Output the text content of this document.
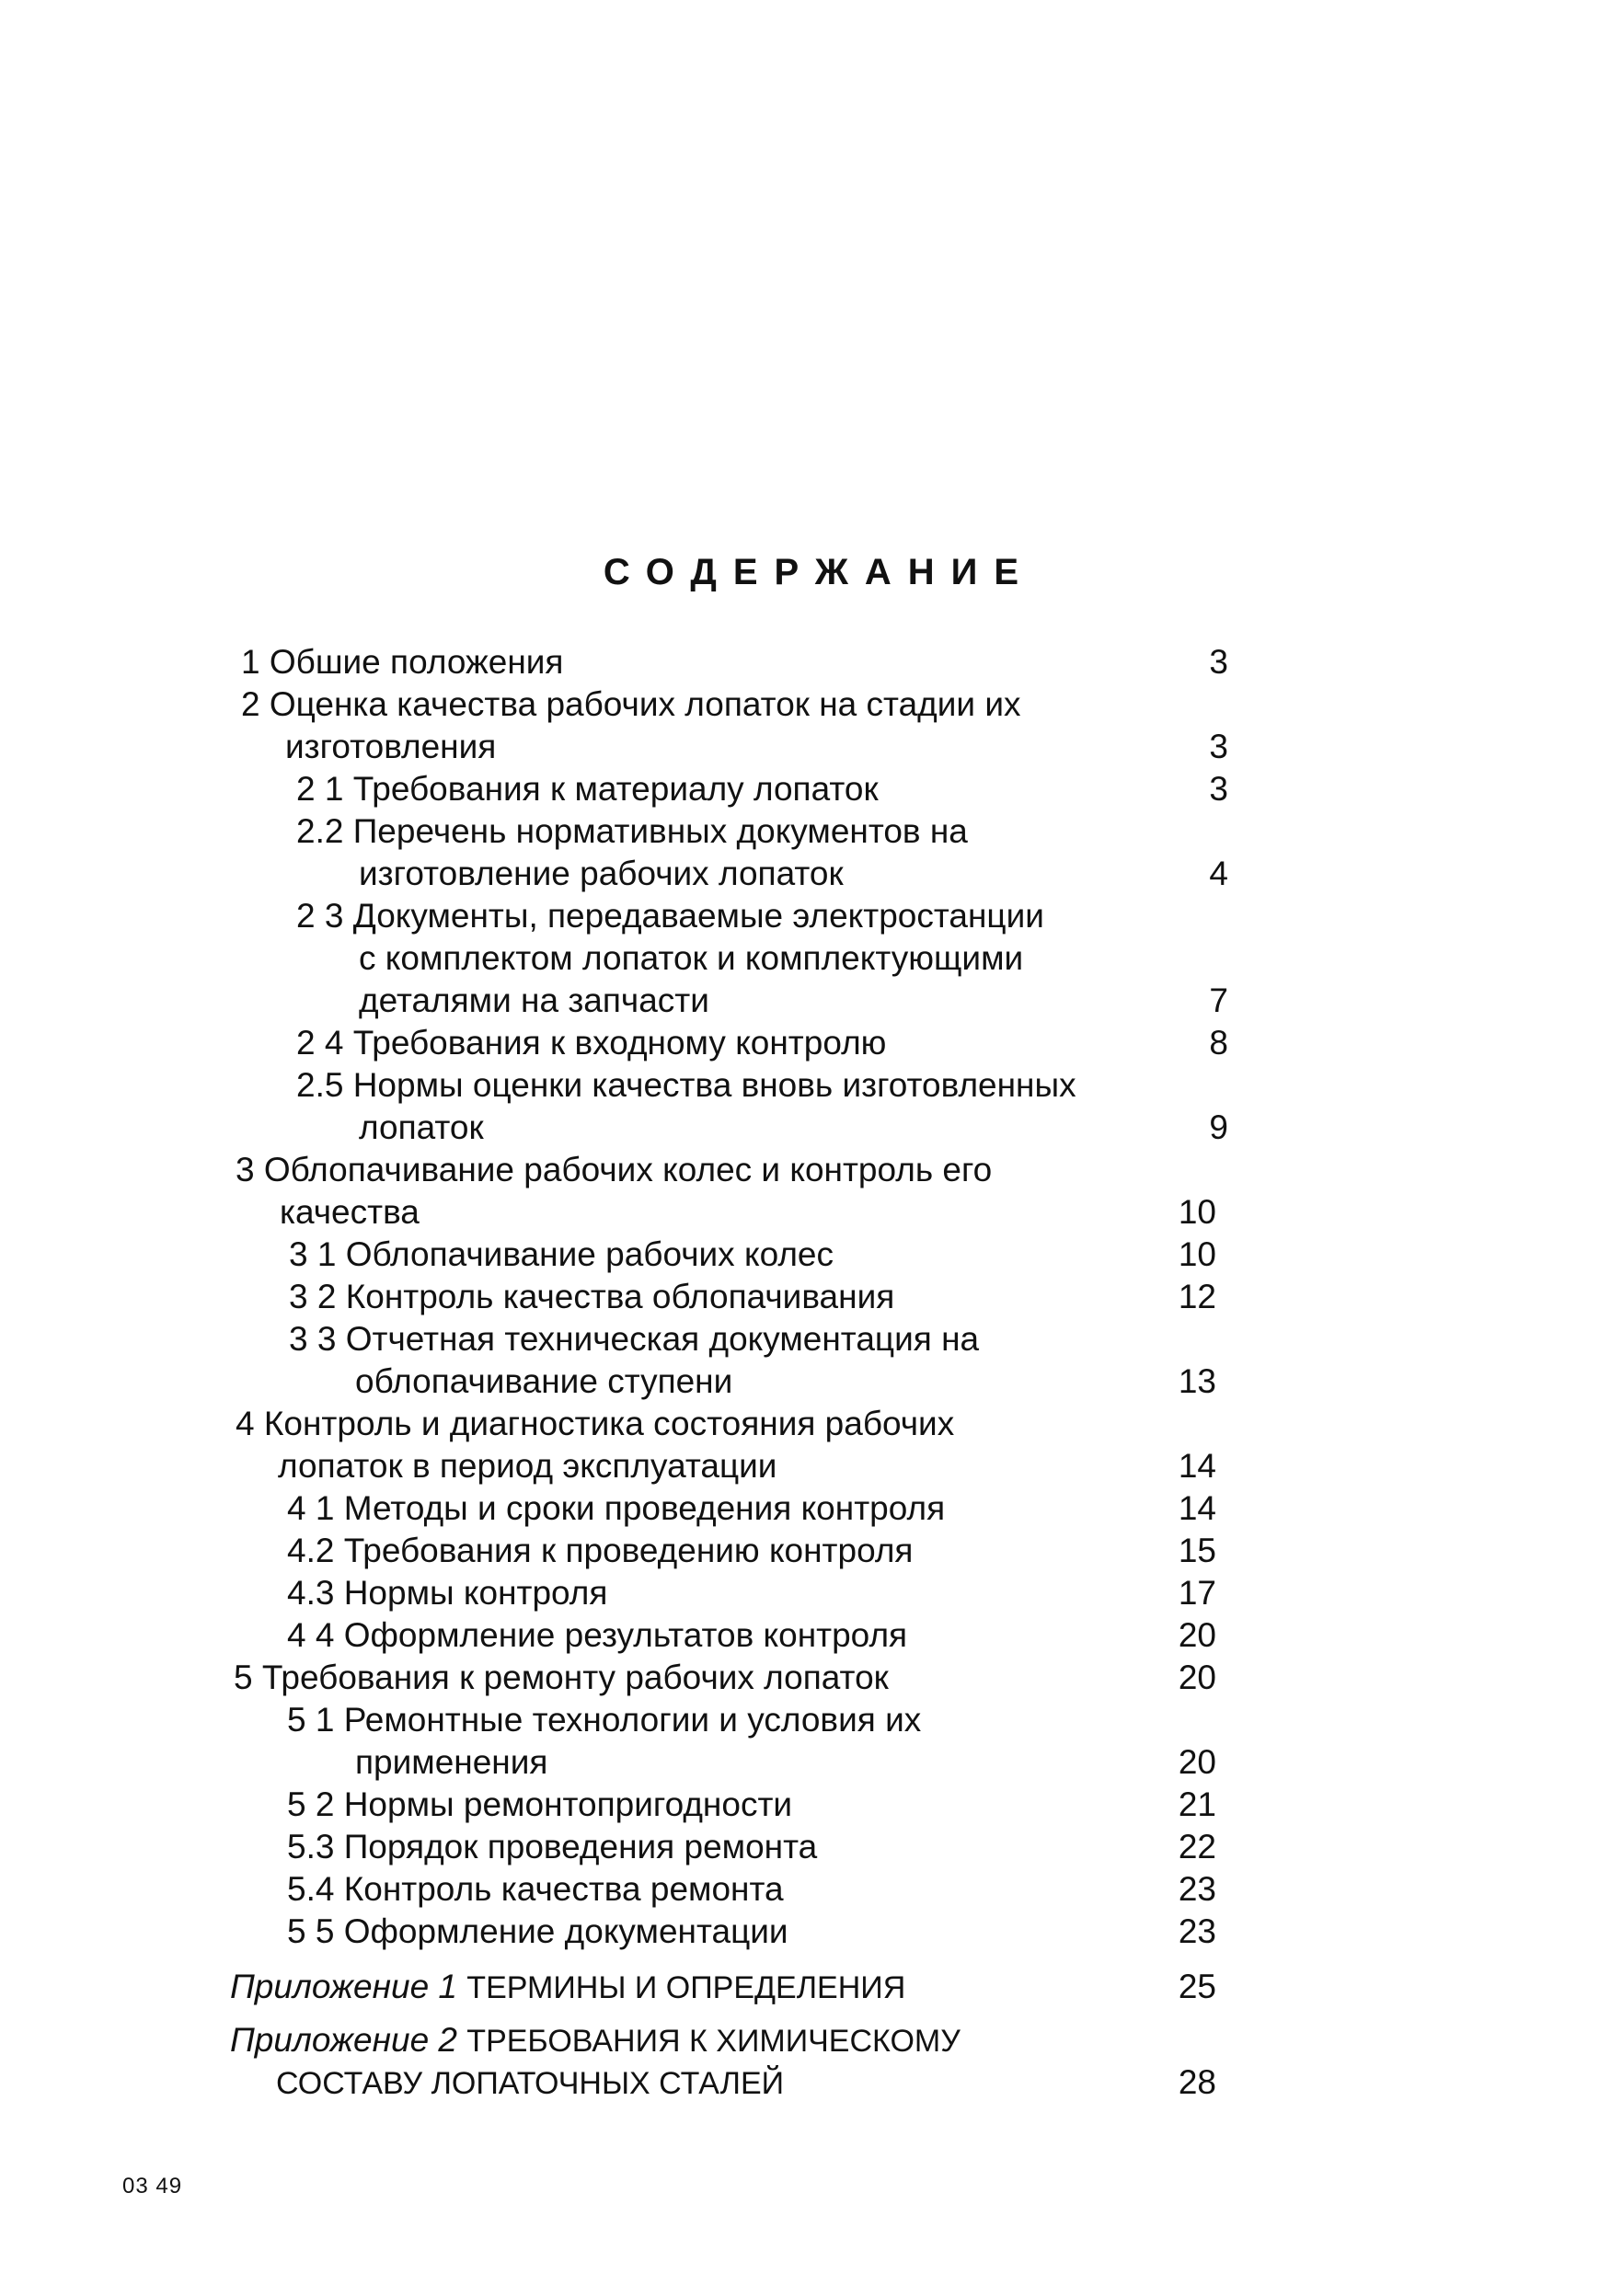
СОДЕРЖАНИЕ
1 Обшие положения	3
2 Оценка качества рабочих лопаток на стадии их
изготовления	3
2 1 Требования к материалу лопаток	3
2.2 Перечень нормативных документов на
изготовление рабочих лопаток	4
2 3 Документы, передаваемые электростанции
с комплектом лопаток и комплектующими
деталями на запчасти	7
2 4 Требования к входному контролю	8
2.5 Нормы оценки качества вновь изготовленных
лопаток	9
3 Облопачивание рабочих колес и контроль его
качества	10
3 1 Облопачивание рабочих колес	10
3 2 Контроль качества облопачивания	12
3 3 Отчетная техническая документация на
облопачивание ступени	13
4 Контроль и диагностика состояния рабочих
лопаток в период эксплуатации	14
4 1 Методы и сроки проведения контроля	14
4.2 Требования к проведению контроля	15
4.3 Нормы контроля	17
4 4 Оформление результатов контроля	20
5 Требования к ремонту рабочих лопаток	20
5 1 Ремонтные технологии и условия их
применения	20
5 2 Нормы ремонтопригодности	21
5.3 Порядок проведения ремонта	22
5.4 Контроль качества ремонта	23
5 5 Оформление документации	23
Приложение 1 ТЕРМИНЫ И ОПРЕДЕЛЕНИЯ	25
Приложение 2 ТРЕБОВАНИЯ К ХИМИЧЕСКОМУ
СОСТАВУ ЛОПАТОЧНЫХ СТАЛЕЙ	28
03 49
